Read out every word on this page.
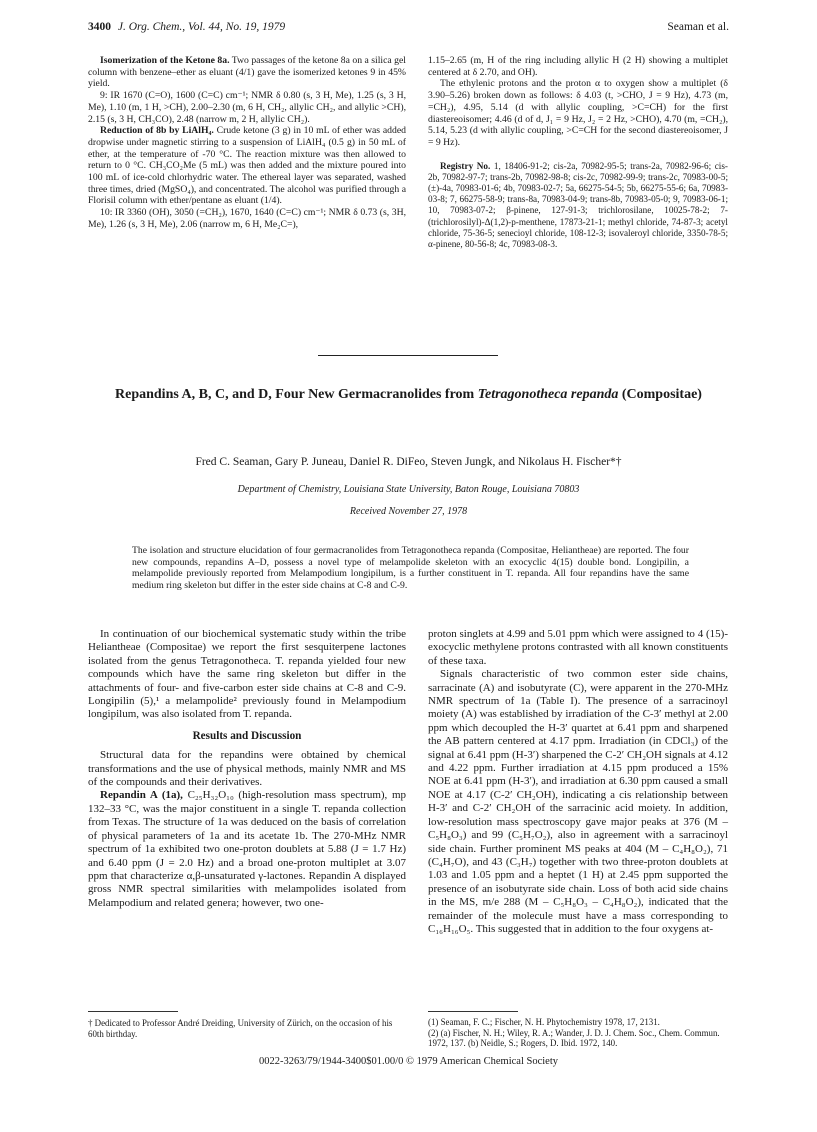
3400 J. Org. Chem., Vol. 44, No. 19, 1979	Seaman et al.

Isomerization of the Ketone 8a. Two passages of the ketone 8a on a silica gel column with benzene–ether as eluant (4/1) gave the isomerized ketones 9 in 45% yield.

9: IR 1670 (C=O), 1600 (C=C) cm⁻¹; NMR δ 0.80 (s, 3 H, Me), 1.25 (s, 3 H, Me), 1.10 (m, 1 H, >CH), 2.00–2.30 (m, 6 H, CH₂, allylic CH₂, and allylic >CH), 2.15 (s, 3 H, CH₃CO), 2.48 (narrow m, 2 H, allylic CH₂).

Reduction of 8b by LiAlH₄. Crude ketone (3 g) in 10 mL of ether was added dropwise under magnetic stirring to a suspension of LiAlH₄ (0.5 g) in 50 mL of ether, at the temperature of -70 °C. The reaction mixture was then allowed to return to 0 °C. CH₃CO₂Me (5 mL) was then added and the mixture poured into 100 mL of ice-cold chlorhydric water. The ethereal layer was separated, washed three times, dried (MgSO₄), and concentrated. The alcohol was purified through a Florisil column with ether/pentane as eluant (1/4).

10: IR 3360 (OH), 3050 (=CH₂), 1670, 1640 (C=C) cm⁻¹; NMR δ 0.73 (s, 3H, Me), 1.26 (s, 3 H, Me), 2.06 (narrow m, 6 H, Me₂C=),

1.15–2.65 (m, H of the ring including allylic H (2 H) showing a multiplet centered at δ 2.70, and OH).

The ethylenic protons and the proton α to oxygen show a multiplet (δ 3.90–5.26) broken down as follows: δ 4.03 (t, >CHO, J = 9 Hz), 4.73 (m, =CH₂), 4.95, 5.14 (d with allylic coupling, >C=CH) for the first diastereoisomer; 4.46 (d of d, J₁ = 9 Hz, J₂ = 2 Hz, >CHO), 4.70 (m, =CH₂), 5.14, 5.23 (d with allylic coupling, >C=CH for the second diastereoisomer, J = 9 Hz).

Registry No. 1, 18406-91-2; cis-2a, 70982-95-5; trans-2a, 70982-96-6; cis-2b, 70982-97-7; trans-2b, 70982-98-8; cis-2c, 70982-99-9; trans-2c, 70983-00-5; (±)-4a, 70983-01-6; 4b, 70983-02-7; 5a, 66275-54-5; 5b, 66275-55-6; 6a, 70983-03-8; 7, 66275-58-9; trans-8a, 70983-04-9; trans-8b, 70983-05-0; 9, 70983-06-1; 10, 70983-07-2; β-pinene, 127-91-3; trichlorosilane, 10025-78-2; 7-(trichlorosilyl)-Δ(1,2)-p-menthene, 17873-21-1; methyl chloride, 74-87-3; acetyl chloride, 75-36-5; senecioyl chloride, 108-12-3; isovaleroyl chloride, 3350-78-5; α-pinene, 80-56-8; 4c, 70983-08-3.

Repandins A, B, C, and D, Four New Germacranolides from Tetragonotheca repanda (Compositae)
Fred C. Seaman, Gary P. Juneau, Daniel R. DiFeo, Steven Jungk, and Nikolaus H. Fischer*†
Department of Chemistry, Louisiana State University, Baton Rouge, Louisiana 70803
Received November 27, 1978
The isolation and structure elucidation of four germacranolides from Tetragonotheca repanda (Compositae, Heliantheae) are reported. The four new compounds, repandins A–D, possess a novel type of melampolide skeleton with an exocyclic 4(15) double bond. Longipilin, a melampolide previously reported from Melampodium longipilum, is a further constituent in T. repanda. All four repandins have the same medium ring skeleton but differ in the ester side chains at C-8 and C-9.

In continuation of our biochemical systematic study within the tribe Heliantheae (Compositae) we report the first sesquiterpene lactones isolated from the genus Tetragonotheca. T. repanda yielded four new compounds which have the same ring skeleton but differ in the attachments of four- and five-carbon ester side chains at C-8 and C-9. Longipilin (5),¹ a melampolide² previously found in Melampodium longipilum, was also isolated from T. repanda.

Results and Discussion

Structural data for the repandins were obtained by chemical transformations and the use of physical methods, mainly NMR and MS of the compounds and their derivatives.

Repandin A (1a), C₂₅H₃₂O₁₀ (high-resolution mass spectrum), mp 132–33 °C, was the major constituent in a single T. repanda collection from Texas. The structure of 1a was deduced on the basis of correlation of physical parameters of 1a and its acetate 1b. The 270-MHz NMR spectrum of 1a exhibited two one-proton doublets at 5.88 (J = 1.7 Hz) and 6.40 ppm (J = 2.0 Hz) and a broad one-proton multiplet at 3.07 ppm that characterize α,β-unsaturated γ-lactones. Repandin A displayed gross NMR spectral similarities with melampolides isolated from Melampodium and related genera; however, two one-

proton singlets at 4.99 and 5.01 ppm which were assigned to 4 (15)-exocyclic methylene protons contrasted with all known constituents of these taxa.

Signals characteristic of two common ester side chains, sarracinate (A) and isobutyrate (C), were apparent in the 270-MHz NMR spectrum of 1a (Table I). The presence of a sarracinoyl moiety (A) was established by irradiation of the C-3′ methyl at 2.00 ppm which decoupled the H-3′ quartet at 6.41 ppm and sharpened the AB pattern centered at 4.17 ppm. Irradiation (in CDCl₃) of the signal at 6.41 ppm (H-3′) sharpened the C-2′ CH₂OH signals at 4.12 and 4.22 ppm. Further irradiation at 4.15 ppm produced a 15% NOE at 6.41 ppm (H-3′), and irradiation at 6.30 ppm caused a small NOE at 4.17 (C-2′ CH₂OH), indicating a cis relationship between H-3′ and C-2′ CH₂OH of the sarracinic acid moiety. In addition, low-resolution mass spectroscopy gave major peaks at 376 (M – C₅H₈O₃) and 99 (C₅H₇O₂), also in agreement with a sarracinoyl side chain. Further prominent MS peaks at 404 (M – C₄H₈O₂), 71 (C₄H₇O), and 43 (C₃H₇) together with two three-proton doublets at 1.03 and 1.05 ppm and a heptet (1 H) at 2.45 ppm supported the presence of an isobutyrate side chain. Loss of both acid side chains in the MS, m/e 288 (M – C₅H₈O₃ – C₄H₈O₂), indicated that the remainder of the molecule must have a mass corresponding to C₁₆H₁₆O₅. This suggested that in addition to the four oxygens at-

† Dedicated to Professor André Dreiding, University of Zürich, on the occasion of his 60th birthday.
(1) Seaman, F. C.; Fischer, N. H. Phytochemistry 1978, 17, 2131.
(2) (a) Fischer, N. H.; Wiley, R. A.; Wander, J. D. J. Chem. Soc., Chem. Commun. 1972, 137. (b) Neidle, S.; Rogers, D. Ibid. 1972, 140.
0022-3263/79/1944-3400$01.00/0 © 1979 American Chemical Society
